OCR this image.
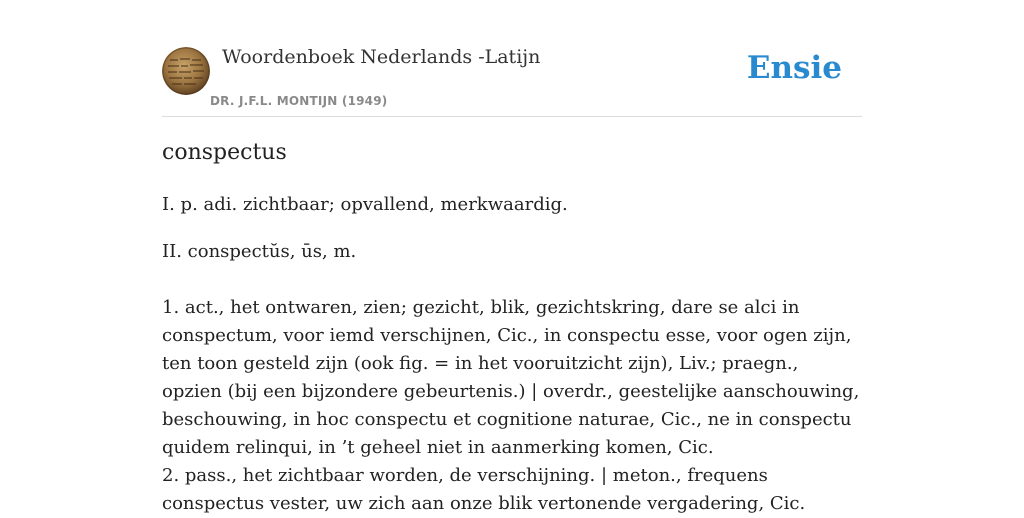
Woordenboek Nederlands -Latijn
DR. J.F.L. MONTIJN (1949)
Ensie
conspectus
I. p. adi. zichtbaar; opvallend, merkwaardig.
II. conspectŭs, ūs, m.

1. act., het ontwaren, zien; gezicht, blik, gezichtskring, dare se alci in conspectum, voor iemd verschijnen, Cic., in conspectu esse, voor ogen zijn, ten toon gesteld zijn (ook fig. = in het vooruitzicht zijn), Liv.; praegn., opzien (bij een bijzondere gebeurtenis.) | overdr., geestelijke aanschouwing, beschouwing, in hoc conspectu et cognitione naturae, Cic., ne in conspectu quidem relinqui, in ’t geheel niet in aanmerking komen, Cic.

2. pass., het zichtbaar worden, de verschijning. | meton., frequens conspectus vester, uw zich aan onze blik vertonende vergadering, Cic.
